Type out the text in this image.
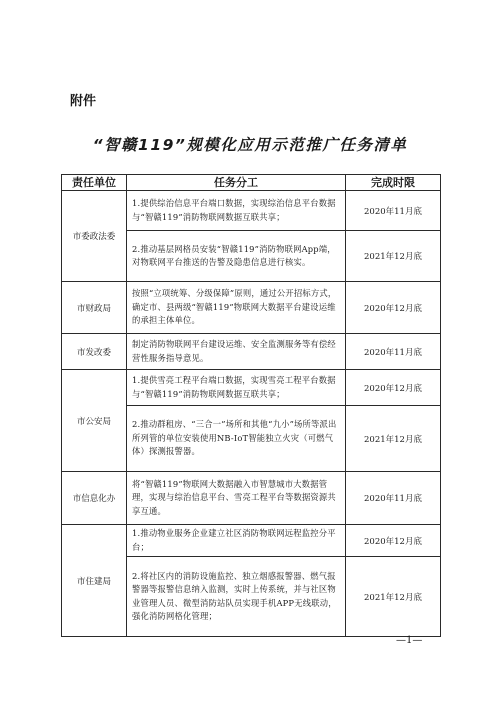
附件
“智赣119”规模化应用示范推广任务清单
责任单位	任务分工	完成时限
市委政法委	1.提供综治信息平台端口数据，实现综治信息平台数据与“智赣119”消防物联网数据互联共享；	2020年11月底
	2.推动基层网格员安装“智赣119”消防物联网App端，对物联网平台推送的告警及隐患信息进行核实。	2021年12月底
市财政局	按照“立项统筹、分级保障”原则，通过公开招标方式，确定市、县两级“智赣119”物联网大数据平台建设运维的承担主体单位。	2020年12月底
市发改委	制定消防物联网平台建设运维、安全监测服务等有偿经营性服务指导意见。	2020年11月底
市公安局	1.提供雪亮工程平台端口数据，实现雪亮工程平台数据与“智赣119”消防物联网数据互联共享；	2020年12月底
	2.推动群租房、“三合一”场所和其他“九小”场所等派出所列管的单位安装使用NB-IoT智能独立火灾（可燃气体）探测报警器。	2021年12月底
市信息化办	将“智赣119”物联网大数据融入市智慧城市大数据管理，实现与综治信息平台、雪亮工程平台等数据资源共享互通。	2020年11月底
市住建局	1.推动物业服务企业建立社区消防物联网远程监控分平台；	2020年12月底
	2.将社区内的消防设施监控、独立烟感报警器、燃气报警器等报警信息纳入监测，实时上传系统，并与社区物业管理人员、微型消防站队员实现手机APP无线联动，强化消防网格化管理；	2021年12月底
—1—
